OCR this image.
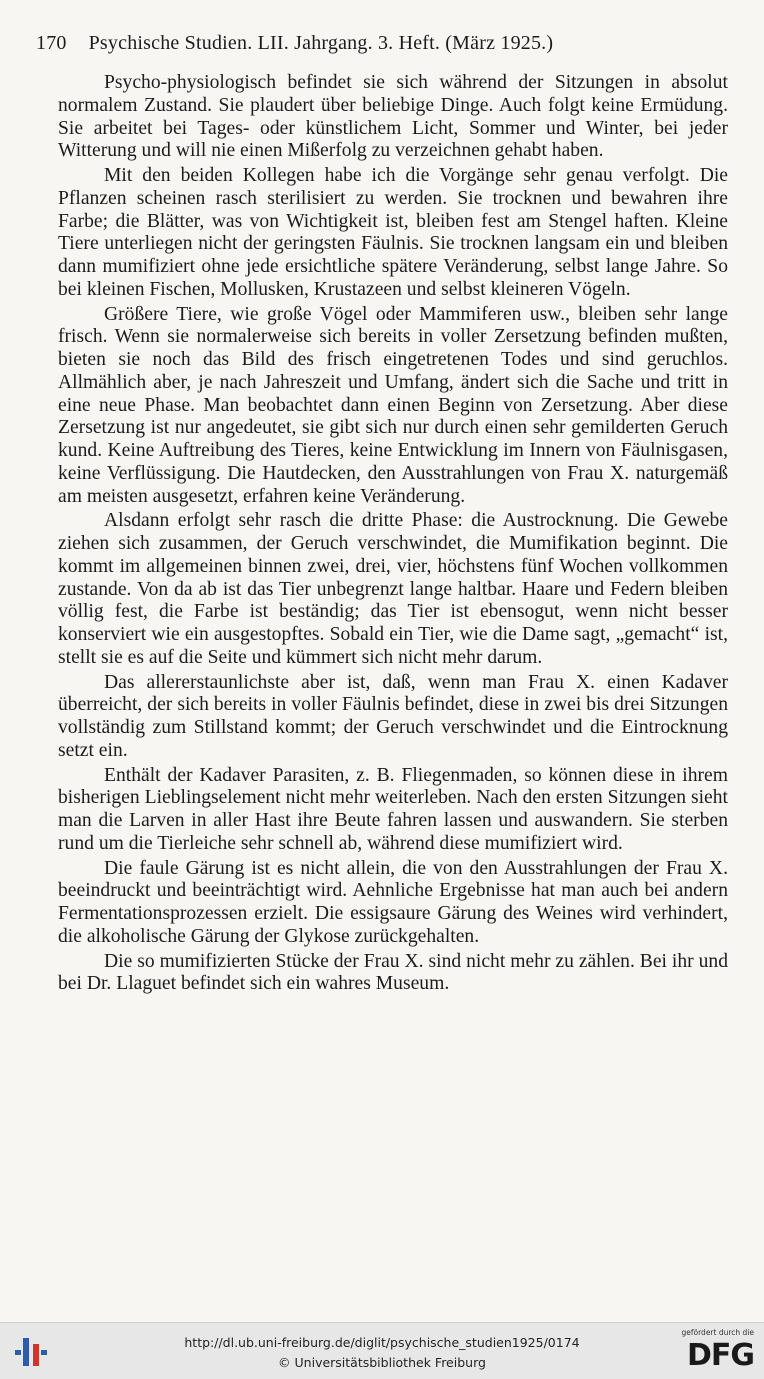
170 Psychische Studien. LII. Jahrgang. 3. Heft. (März 1925.)

Psycho-physiologisch befindet sie sich während der Sitzungen in absolut normalem Zustand. Sie plaudert über beliebige Dinge. Auch folgt keine Ermüdung. Sie arbeitet bei Tages- oder künstlichem Licht, Sommer und Winter, bei jeder Witterung und will nie einen Mißerfolg zu verzeichnen gehabt haben.

Mit den beiden Kollegen habe ich die Vorgänge sehr genau verfolgt. Die Pflanzen scheinen rasch sterilisiert zu werden. Sie trocknen und bewahren ihre Farbe; die Blätter, was von Wichtigkeit ist, bleiben fest am Stengel haften. Kleine Tiere unterliegen nicht der geringsten Fäulnis. Sie trocknen langsam ein und bleiben dann mumifiziert ohne jede ersichtliche spätere Veränderung, selbst lange Jahre. So bei kleinen Fischen, Mollusken, Krustazeen und selbst kleineren Vögeln.

Größere Tiere, wie große Vögel oder Mammiferen usw., bleiben sehr lange frisch. Wenn sie normalerweise sich bereits in voller Zersetzung befinden mußten, bieten sie noch das Bild des frisch eingetretenen Todes und sind geruchlos. Allmählich aber, je nach Jahreszeit und Umfang, ändert sich die Sache und tritt in eine neue Phase. Man beobachtet dann einen Beginn von Zersetzung. Aber diese Zersetzung ist nur angedeutet, sie gibt sich nur durch einen sehr gemilderten Geruch kund. Keine Auftreibung des Tieres, keine Entwicklung im Innern von Fäulnisgasen, keine Verflüssigung. Die Hautdecken, den Ausstrahlungen von Frau X. naturgemäß am meisten ausgesetzt, erfahren keine Veränderung.

Alsdann erfolgt sehr rasch die dritte Phase: die Austrocknung. Die Gewebe ziehen sich zusammen, der Geruch verschwindet, die Mumifikation beginnt. Die kommt im allgemeinen binnen zwei, drei, vier, höchstens fünf Wochen vollkommen zustande. Von da ab ist das Tier unbegrenzt lange haltbar. Haare und Federn bleiben völlig fest, die Farbe ist beständig; das Tier ist ebensogut, wenn nicht besser konserviert wie ein ausgestopftes. Sobald ein Tier, wie die Dame sagt, „gemacht“ ist, stellt sie es auf die Seite und kümmert sich nicht mehr darum.

Das allererstaunlichste aber ist, daß, wenn man Frau X. einen Kadaver überreicht, der sich bereits in voller Fäulnis befindet, diese in zwei bis drei Sitzungen vollständig zum Stillstand kommt; der Geruch verschwindet und die Eintrocknung setzt ein.

Enthält der Kadaver Parasiten, z. B. Fliegenmaden, so können diese in ihrem bisherigen Lieblingselement nicht mehr weiterleben. Nach den ersten Sitzungen sieht man die Larven in aller Hast ihre Beute fahren lassen und auswandern. Sie sterben rund um die Tierleiche sehr schnell ab, während diese mumifiziert wird.

Die faule Gärung ist es nicht allein, die von den Ausstrahlungen der Frau X. beeindruckt und beeinträchtigt wird. Aehnliche Ergebnisse hat man auch bei andern Fermentationsprozessen erzielt. Die essigsaure Gärung des Weines wird verhindert, die alkoholische Gärung der Glykose zurückgehalten.

Die so mumifizierten Stücke der Frau X. sind nicht mehr zu zählen. Bei ihr und bei Dr. Llaguet befindet sich ein wahres Museum.

http://dl.ub.uni-freiburg.de/diglit/psychische_studien1925/0174
© Universitätsbibliothek Freiburg
gefördert durch die
DFG
